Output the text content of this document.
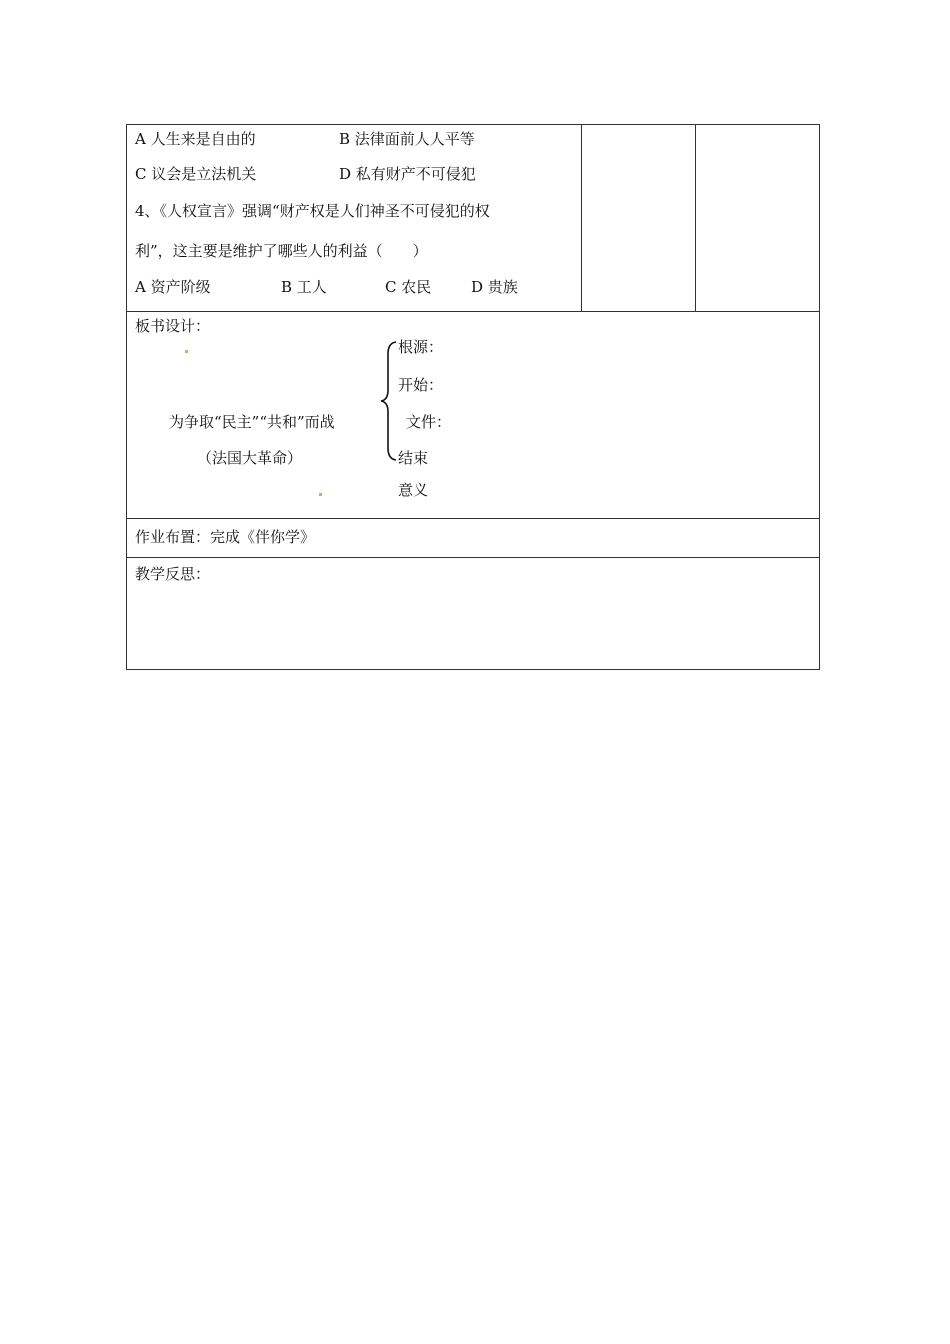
A 人生来是自由的	B 法律面前人人平等
C 议会是立法机关	D 私有财产不可侵犯
4、《人权宣言》强调“财产权是人们神圣不可侵犯的权
利”，这主要是维护了哪些人的利益（　　）
A 资产阶级	B 工人	C 农民	D 贵族
板书设计：
为争取“民主”“共和”而战
（法国大革命）
根源：
开始：
文件：
结束
意义
作业布置：完成《伴你学》
教学反思：
